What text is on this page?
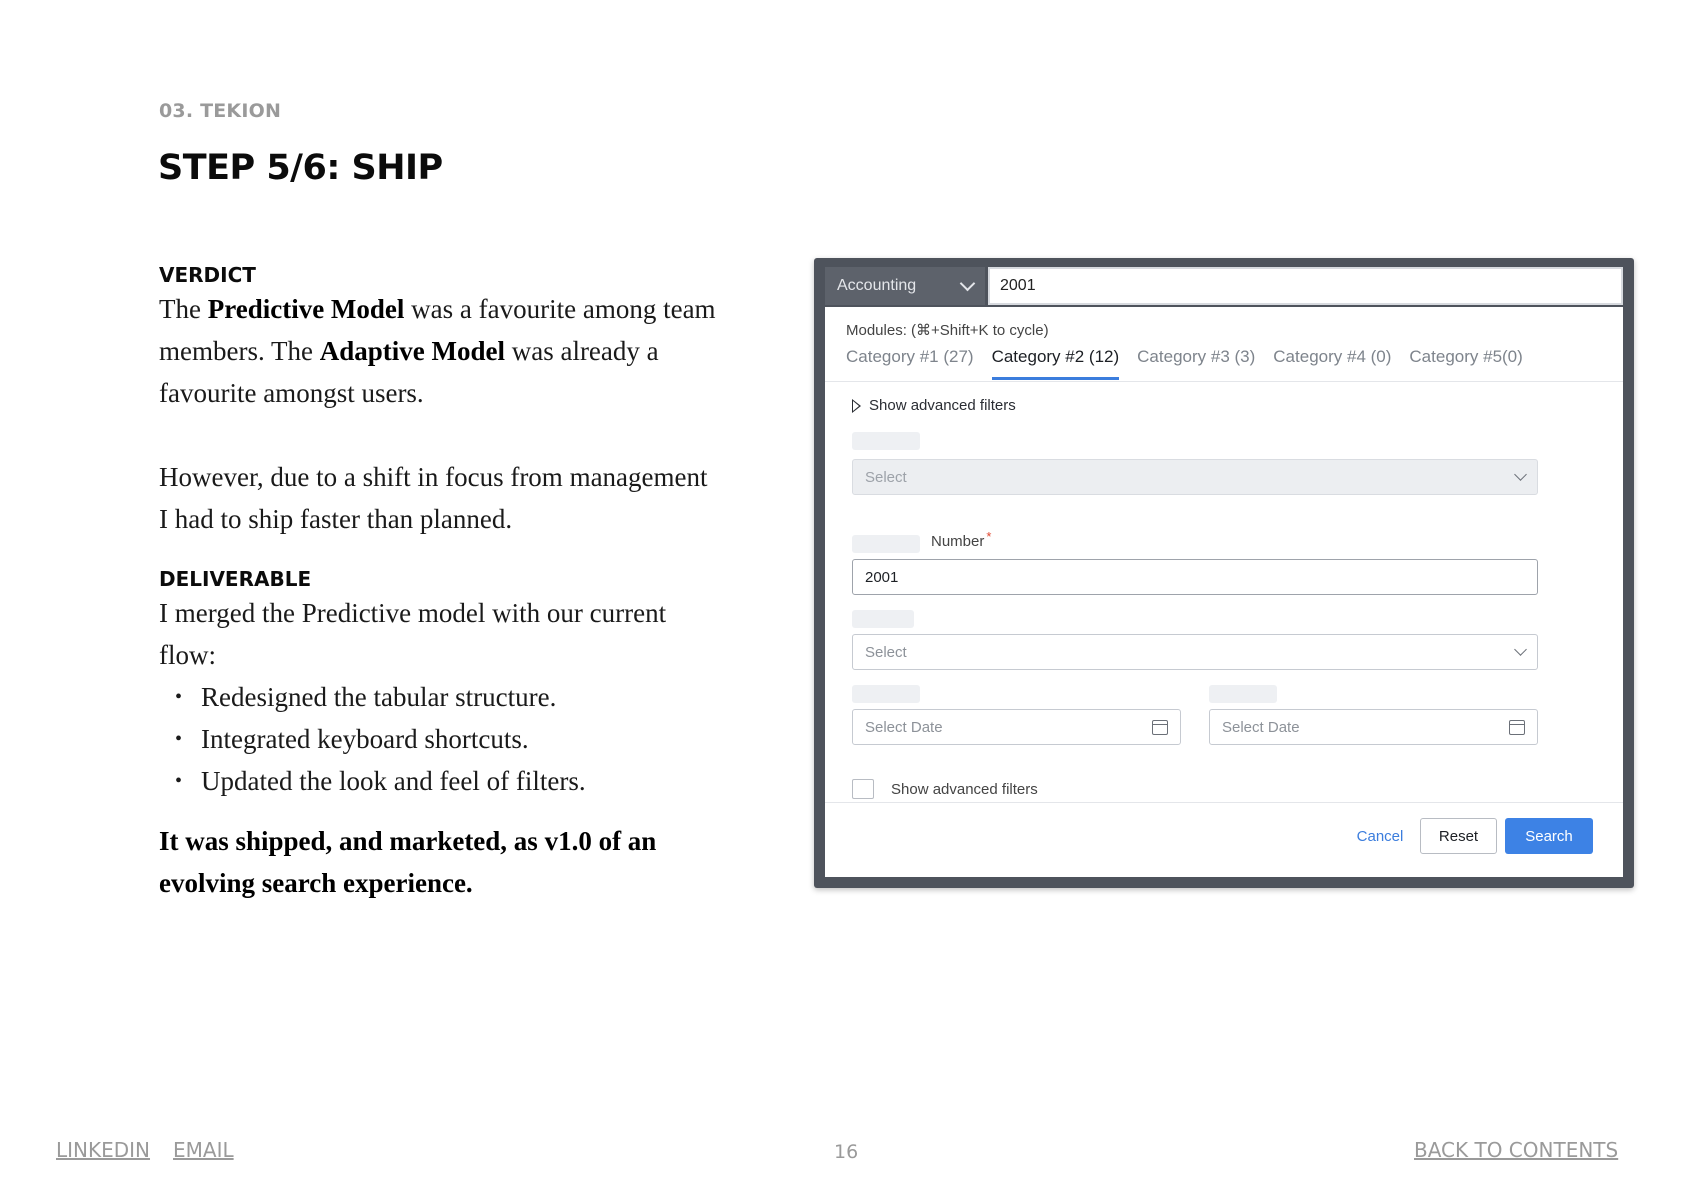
03. TEKION
STEP 5/6: SHIP
VERDICT

The Predictive Model was a favourite among team members. The Adaptive Model was already a favourite amongst users.

However, due to a shift in focus from management I had to ship faster than planned.

DELIVERABLE

I merged the Predictive model with our current flow:

• Redesigned the tabular structure.
• Integrated keyboard shortcuts.
• Updated the look and feel of filters.

It was shipped, and marketed, as v1.0 of an evolving search experience.

Accounting	2001
Modules: (⌘+Shift+K to cycle)
Category #1 (27) Category #2 (12) Category #3 (3) Category #4 (0) Category #5(0)
Show advanced filters
Select
Number *
2001
Select
Select Date	Select Date
Show advanced filters
Cancel	Reset	Search
LINKEDIN EMAIL	16	BACK TO CONTENTS
